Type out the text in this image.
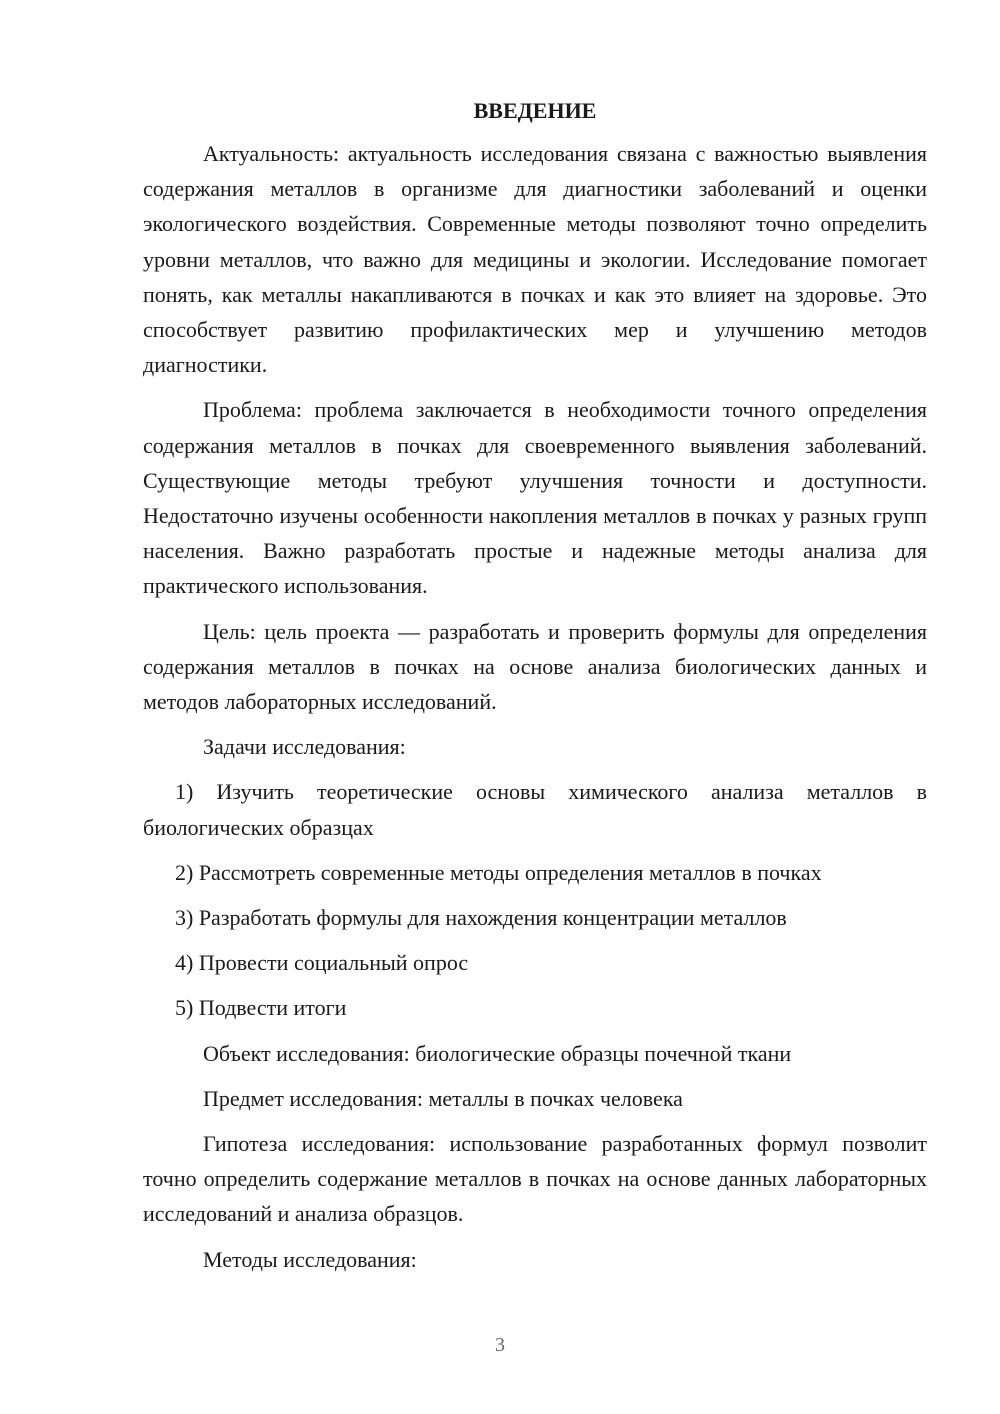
ВВЕДЕНИЕ

Актуальность: актуальность исследования связана с важностью выявления содержания металлов в организме для диагностики заболеваний и оценки экологического воздействия. Современные методы позволяют точно определить уровни металлов, что важно для медицины и экологии. Исследование помогает понять, как металлы накапливаются в почках и как это влияет на здоровье. Это способствует развитию профилактических мер и улучшению методов диагностики.

Проблема: проблема заключается в необходимости точного определения содержания металлов в почках для своевременного выявления заболеваний. Существующие методы требуют улучшения точности и доступности. Недостаточно изучены особенности накопления металлов в почках у разных групп населения. Важно разработать простые и надежные методы анализа для практического использования.

Цель: цель проекта — разработать и проверить формулы для определения содержания металлов в почках на основе анализа биологических данных и методов лабораторных исследований.

Задачи исследования:

1) Изучить теоретические основы химического анализа металлов в биологических образцах

2) Рассмотреть современные методы определения металлов в почках

3) Разработать формулы для нахождения концентрации металлов

4) Провести социальный опрос

5) Подвести итоги

Объект исследования: биологические образцы почечной ткани

Предмет исследования: металлы в почках человека

Гипотеза исследования: использование разработанных формул позволит точно определить содержание металлов в почках на основе данных лабораторных исследований и анализа образцов.

Методы исследования:

3
